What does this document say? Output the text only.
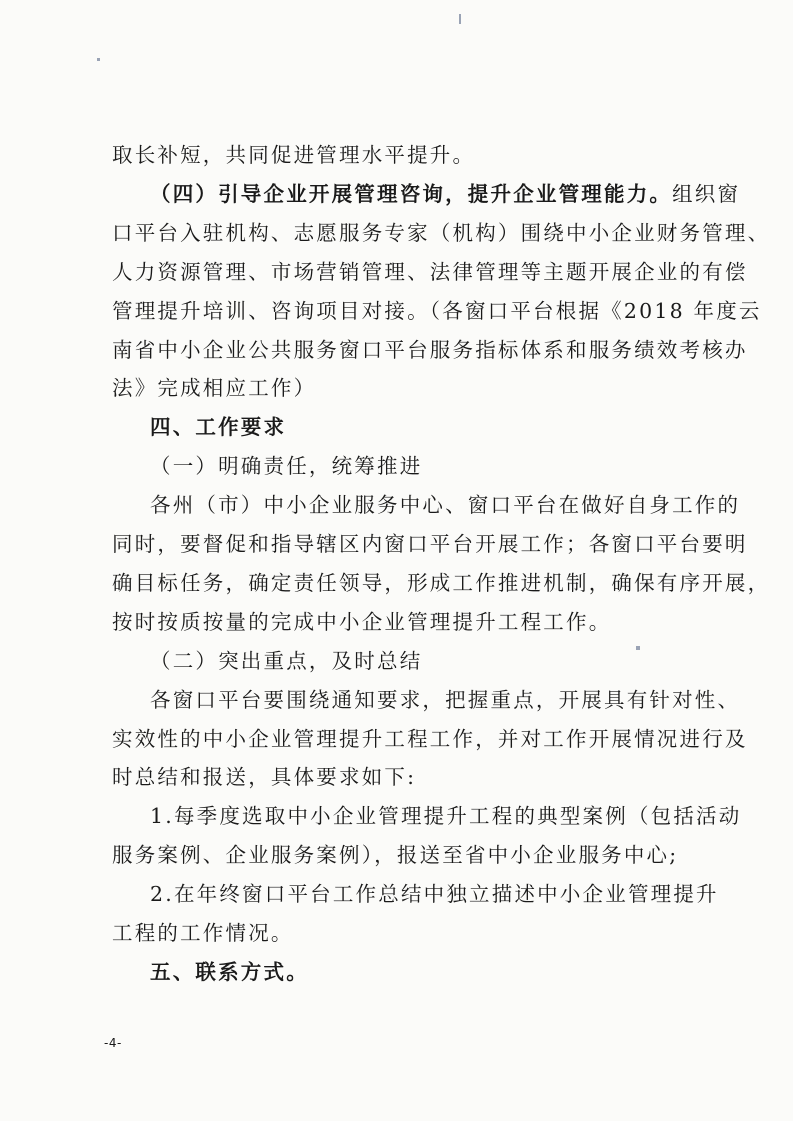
取长补短，共同促进管理水平提升。
（四）引导企业开展管理咨询，提升企业管理能力。组织窗
口平台入驻机构、志愿服务专家（机构）围绕中小企业财务管理、
人力资源管理、市场营销管理、法律管理等主题开展企业的有偿
管理提升培训、咨询项目对接。（各窗口平台根据《2018 年度云
南省中小企业公共服务窗口平台服务指标体系和服务绩效考核办
法》完成相应工作）
四、工作要求
（一）明确责任，统筹推进
各州（市）中小企业服务中心、窗口平台在做好自身工作的
同时，要督促和指导辖区内窗口平台开展工作；各窗口平台要明
确目标任务，确定责任领导，形成工作推进机制，确保有序开展，
按时按质按量的完成中小企业管理提升工程工作。
（二）突出重点，及时总结
各窗口平台要围绕通知要求，把握重点，开展具有针对性、
实效性的中小企业管理提升工程工作，并对工作开展情况进行及
时总结和报送，具体要求如下:
1.每季度选取中小企业管理提升工程的典型案例（包括活动
服务案例、企业服务案例），报送至省中小企业服务中心;
2.在年终窗口平台工作总结中独立描述中小企业管理提升
工程的工作情况。
五、联系方式。
-4-
